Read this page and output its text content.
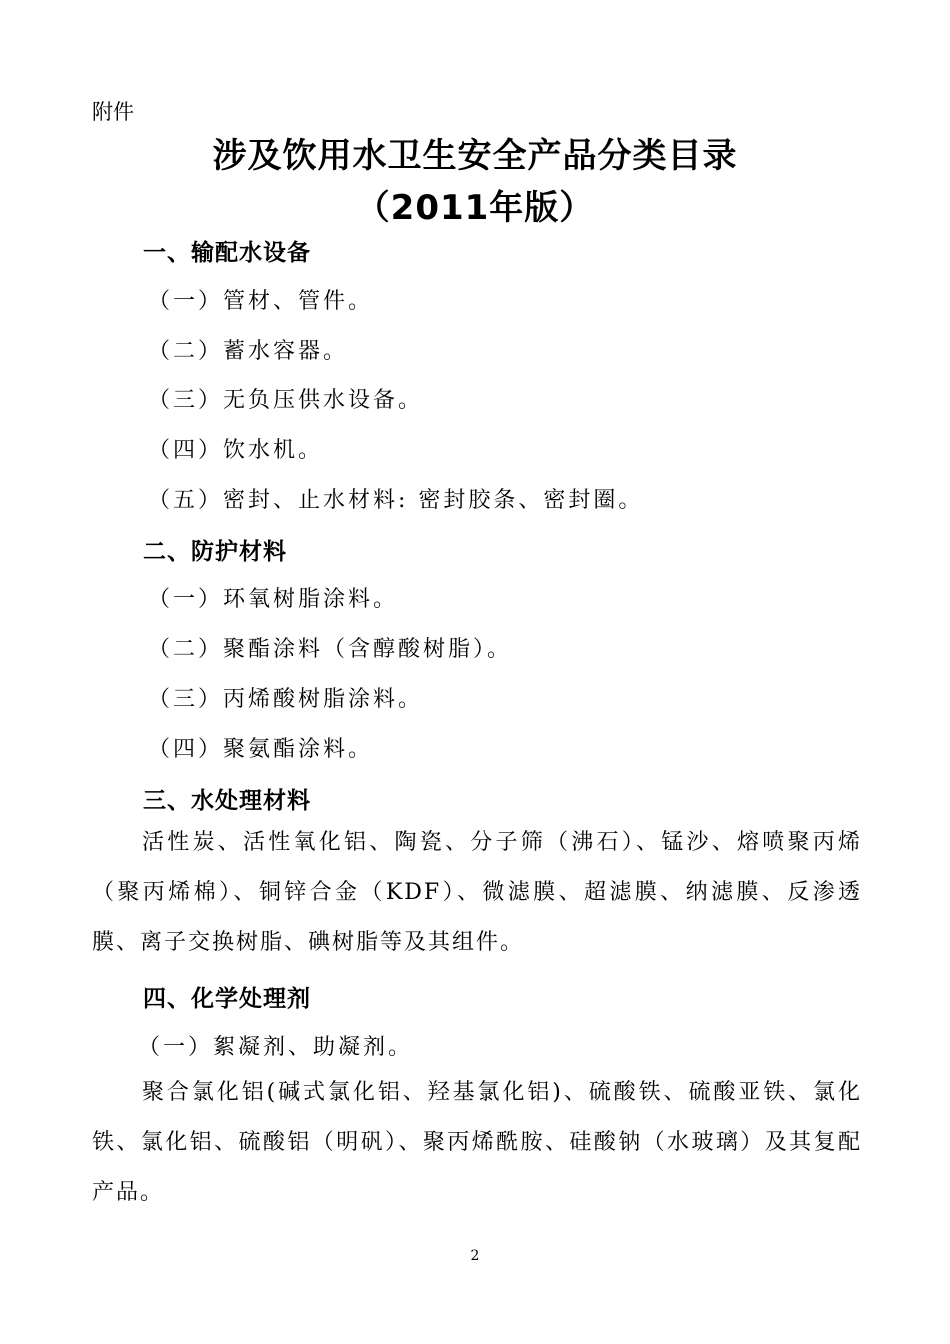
附件
涉及饮用水卫生安全产品分类目录
（2011年版）
一、输配水设备
（一）管材、管件。
（二）蓄水容器。
（三）无负压供水设备。
（四）饮水机。
（五）密封、止水材料: 密封胶条、密封圈。
二、防护材料
（一）环氧树脂涂料。
（二）聚酯涂料（含醇酸树脂）。
（三）丙烯酸树脂涂料。
（四）聚氨酯涂料。
三、水处理材料
活性炭、活性氧化铝、陶瓷、分子筛（沸石）、锰沙、熔喷聚丙烯（聚丙烯棉）、铜锌合金（KDF）、微滤膜、超滤膜、纳滤膜、反渗透膜、离子交换树脂、碘树脂等及其组件。
四、化学处理剂
（一）絮凝剂、助凝剂。
聚合氯化铝(碱式氯化铝、羟基氯化铝)、硫酸铁、硫酸亚铁、氯化铁、氯化铝、硫酸铝（明矾）、聚丙烯酰胺、硅酸钠（水玻璃）及其复配产品。
2
